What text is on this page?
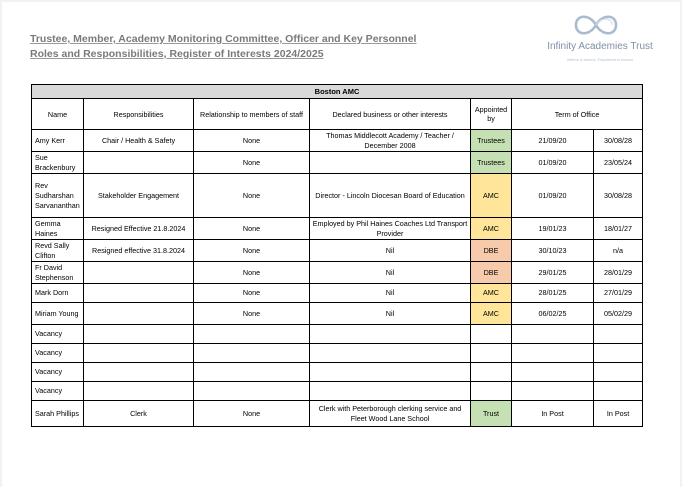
Trustee, Member, Academy Monitoring Committee, Officer and Key Personnel
Roles and Responsibilities, Register of Interests 2024/2025
Infinity Academies Trust
Believe to achieve, Empowered to Ascend
Boston AMC							
Name	Responsibilities	Relationship to members of staff	Declared business or other interests	Appointed by	Term of Office	
Amy Kerr	Chair / Health & Safety	None	Thomas Middlecott Academy / Teacher / December 2008	Trustees	21/09/20	30/08/28	
Sue Brackenbury		None		Trustees	01/09/20	23/05/24	
Rev Sudharshan Sarvananthan	Stakeholder Engagement	None	Director - Lincoln Diocesan Board of Education	AMC	01/09/20	30/08/28	
Gemma Haines	Resigned Effective 21.8.2024	None	Employed by Phil Haines Coaches Ltd Transport Provider	AMC	19/01/23	18/01/27	
Revd Sally Clifton	Resigned effective 31.8.2024	None	Nil	DBE	30/10/23	n/a	
Fr David Stephenson		None	Nil	DBE	29/01/25	28/01/29	
Mark Dorn		None	Nil	AMC	28/01/25	27/01/29	
Miriam Young		None	Nil	AMC	06/02/25	05/02/29	
Vacancy							
Vacancy							
Vacancy							
Vacancy							
Sarah Phillips	Clerk	None	Clerk with Peterborough clerking service and Fleet Wood Lane School	Trust	In Post	In Post	
